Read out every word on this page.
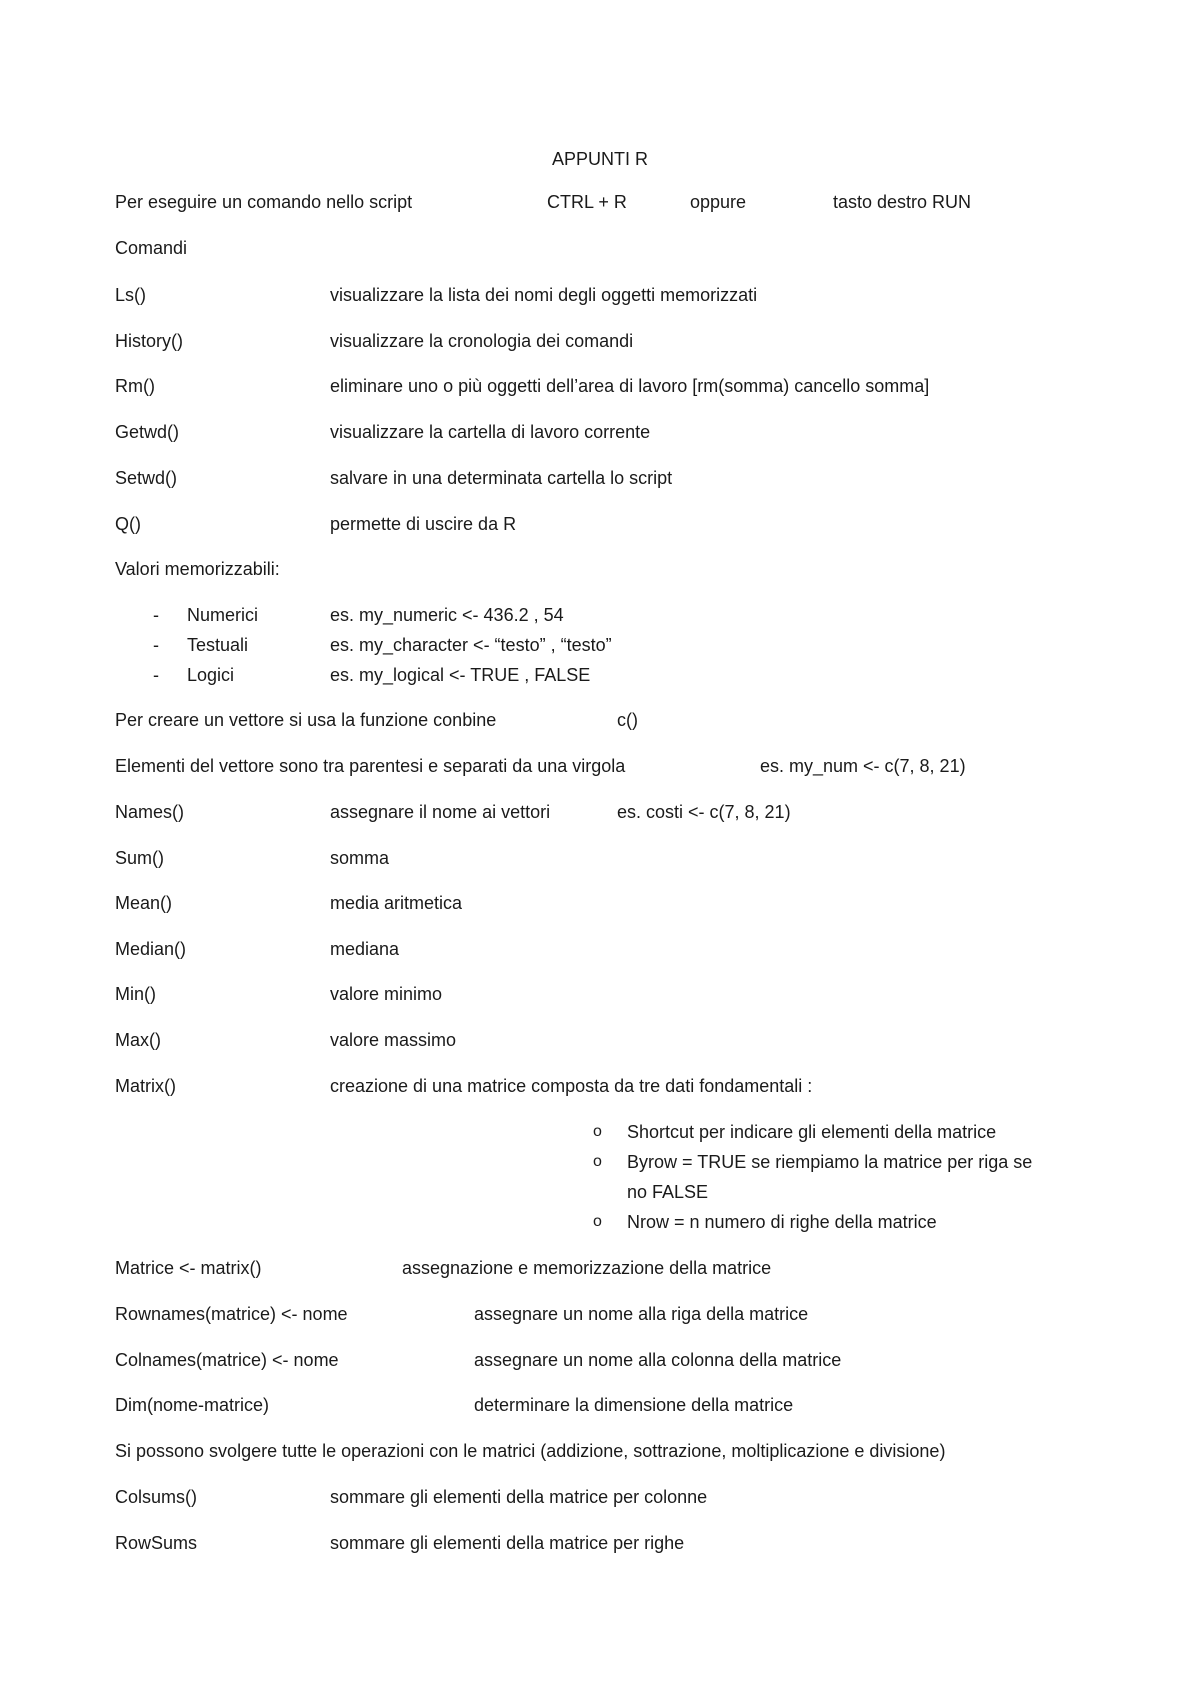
APPUNTI R
Per eseguire un comando nello script	CTRL + R	oppure	tasto destro RUN
Comandi
Ls()	visualizzare la lista dei nomi degli oggetti memorizzati
History()	visualizzare la cronologia dei comandi
Rm()	eliminare uno o più oggetti dell’area di lavoro [rm(somma) cancello somma]
Getwd()	visualizzare la cartella di lavoro corrente
Setwd()	salvare in una determinata cartella lo script
Q()	permette di uscire da R
Valori memorizzabili:
- Numerici	es. my_numeric <- 436.2 , 54
- Testuali	es. my_character <- “testo” , “testo”
- Logici	es. my_logical <- TRUE , FALSE
Per creare un vettore si usa la funzione conbine	c()
Elementi del vettore sono tra parentesi e separati da una virgola	es. my_num <- c(7, 8, 21)
Names()	assegnare il nome ai vettori	es. costi <- c(7, 8, 21)
Sum()	somma
Mean()	media aritmetica
Median()	mediana
Min()	valore minimo
Max()	valore massimo
Matrix()	creazione di una matrice composta da tre dati fondamentali :
o Shortcut per indicare gli elementi della matrice
o Byrow = TRUE se riempiamo la matrice per riga se
no FALSE
o Nrow = n numero di righe della matrice
Matrice <- matrix()	assegnazione e memorizzazione della matrice
Rownames(matrice) <- nome	assegnare un nome alla riga della matrice
Colnames(matrice) <- nome	assegnare un nome alla colonna della matrice
Dim(nome-matrice)	determinare la dimensione della matrice
Si possono svolgere tutte le operazioni con le matrici (addizione, sottrazione, moltiplicazione e divisione)
Colsums()	sommare gli elementi della matrice per colonne
RowSums	sommare gli elementi della matrice per righe
